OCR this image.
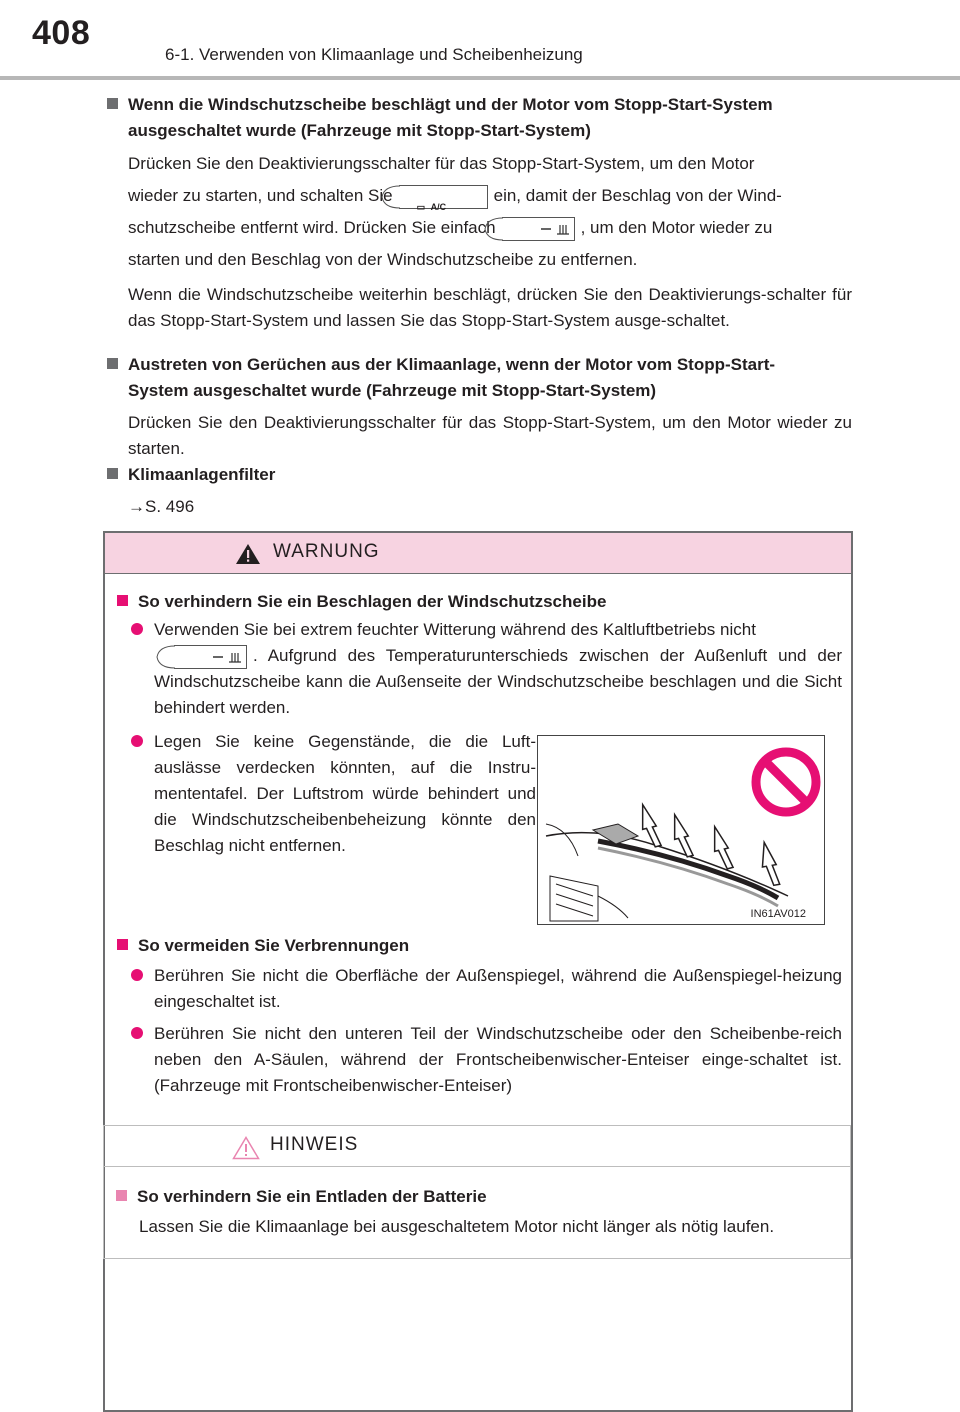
408
6-1. Verwenden von Klimaanlage und Scheibenheizung
Wenn die Windschutzscheibe beschlägt und der Motor vom Stopp-Start-System
ausgeschaltet wurde (Fahrzeuge mit Stopp-Start-System)
Drücken Sie den Deaktivierungsschalter für das Stopp-Start-System, um den Motor
wieder zu starten, und schalten Sie
▭ A/C
ein, damit der Beschlag von der Wind-
schutzscheibe entfernt wird. Drücken Sie einfach	, um den Motor wieder zu
starten und den Beschlag von der Windschutzscheibe zu entfernen.
Wenn die Windschutzscheibe weiterhin beschlägt, drücken Sie den Deaktivierungs-schalter für das Stopp-Start-System und lassen Sie das Stopp-Start-System ausge-schaltet.
Austreten von Gerüchen aus der Klimaanlage, wenn der Motor vom Stopp-Start-
System ausgeschaltet wurde (Fahrzeuge mit Stopp-Start-System)
Drücken Sie den Deaktivierungsschalter für das Stopp-Start-System, um den Motor wieder zu starten.
Klimaanlagenfilter
→S. 496
WARNUNG
So verhindern Sie ein Beschlagen der Windschutzscheibe
Verwenden Sie bei extrem feuchter Witterung während des Kaltluftbetriebs nicht

. Aufgrund des Temperaturunterschieds zwischen der Außenluft und der Windschutzscheibe kann die Außenseite der Windschutzscheibe beschlagen und die Sicht behindert werden.
Legen Sie keine Gegenstände, die die Luft-auslässe verdecken könnten, auf die Instru-mententafel. Der Luftstrom würde behindert und die Windschutzscheibenbeheizung könnte den Beschlag nicht entfernen.
IN61AV012
So vermeiden Sie Verbrennungen
Berühren Sie nicht die Oberfläche der Außenspiegel, während die Außenspiegel-heizung eingeschaltet ist.
Berühren Sie nicht den unteren Teil der Windschutzscheibe oder den Scheibenbe-reich neben den A-Säulen, während der Frontscheibenwischer-Enteiser einge-schaltet ist. (Fahrzeuge mit Frontscheibenwischer-Enteiser)
HINWEIS
So verhindern Sie ein Entladen der Batterie
Lassen Sie die Klimaanlage bei ausgeschaltetem Motor nicht länger als nötig laufen.
